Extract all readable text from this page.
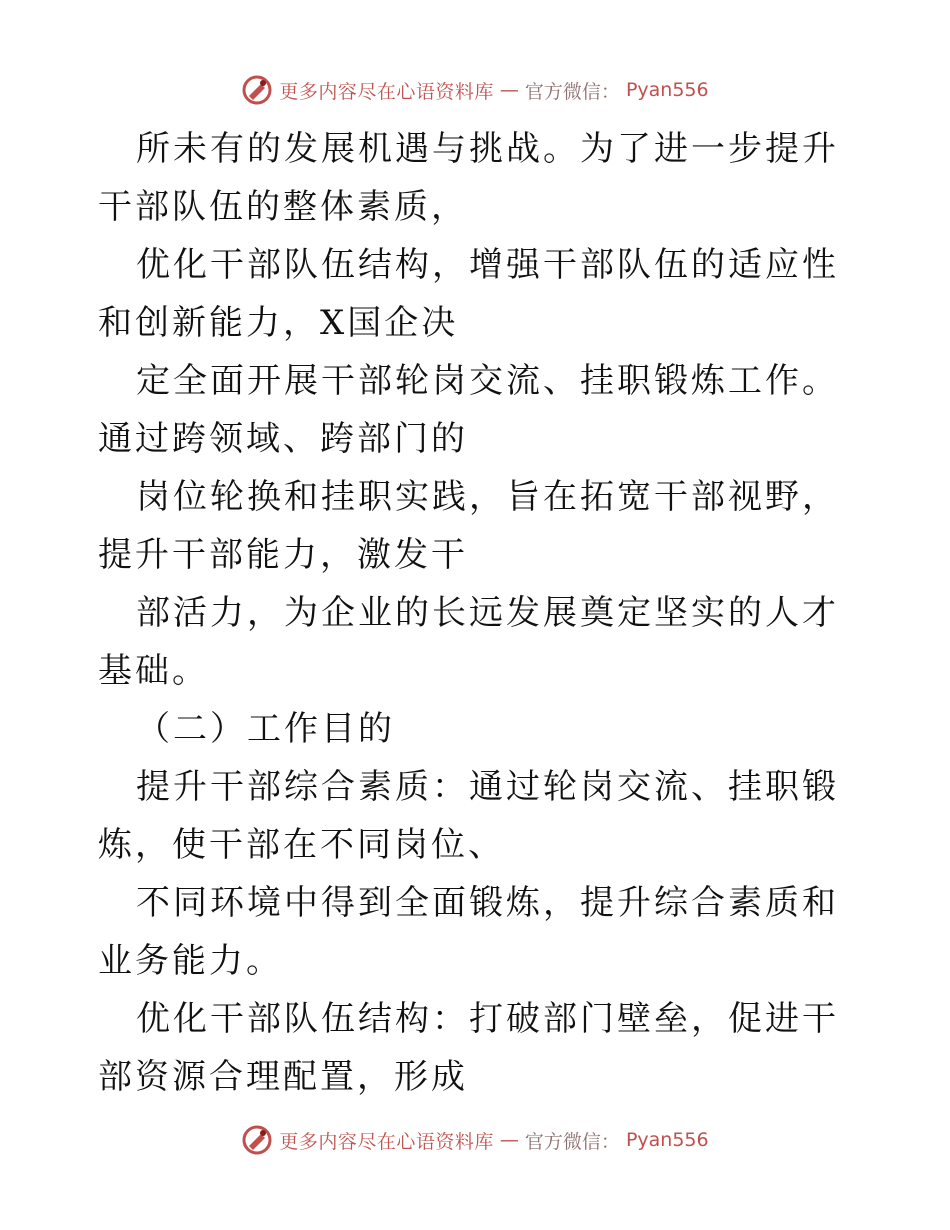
更多内容尽在心语资料库 — 官方微信： Pyan556

所未有的发展机遇与挑战。为了进一步提升干部队伍的整体素质，

优化干部队伍结构，增强干部队伍的适应性和创新能力，X国企决

定全面开展干部轮岗交流、挂职锻炼工作。通过跨领域、跨部门的

岗位轮换和挂职实践，旨在拓宽干部视野，提升干部能力，激发干

部活力，为企业的长远发展奠定坚实的人才基础。

（二）工作目的

提升干部综合素质：通过轮岗交流、挂职锻炼，使干部在不同岗位、

不同环境中得到全面锻炼，提升综合素质和业务能力。

优化干部队伍结构：打破部门壁垒，促进干部资源合理配置，形成

更多内容尽在心语资料库 — 官方微信： Pyan556
